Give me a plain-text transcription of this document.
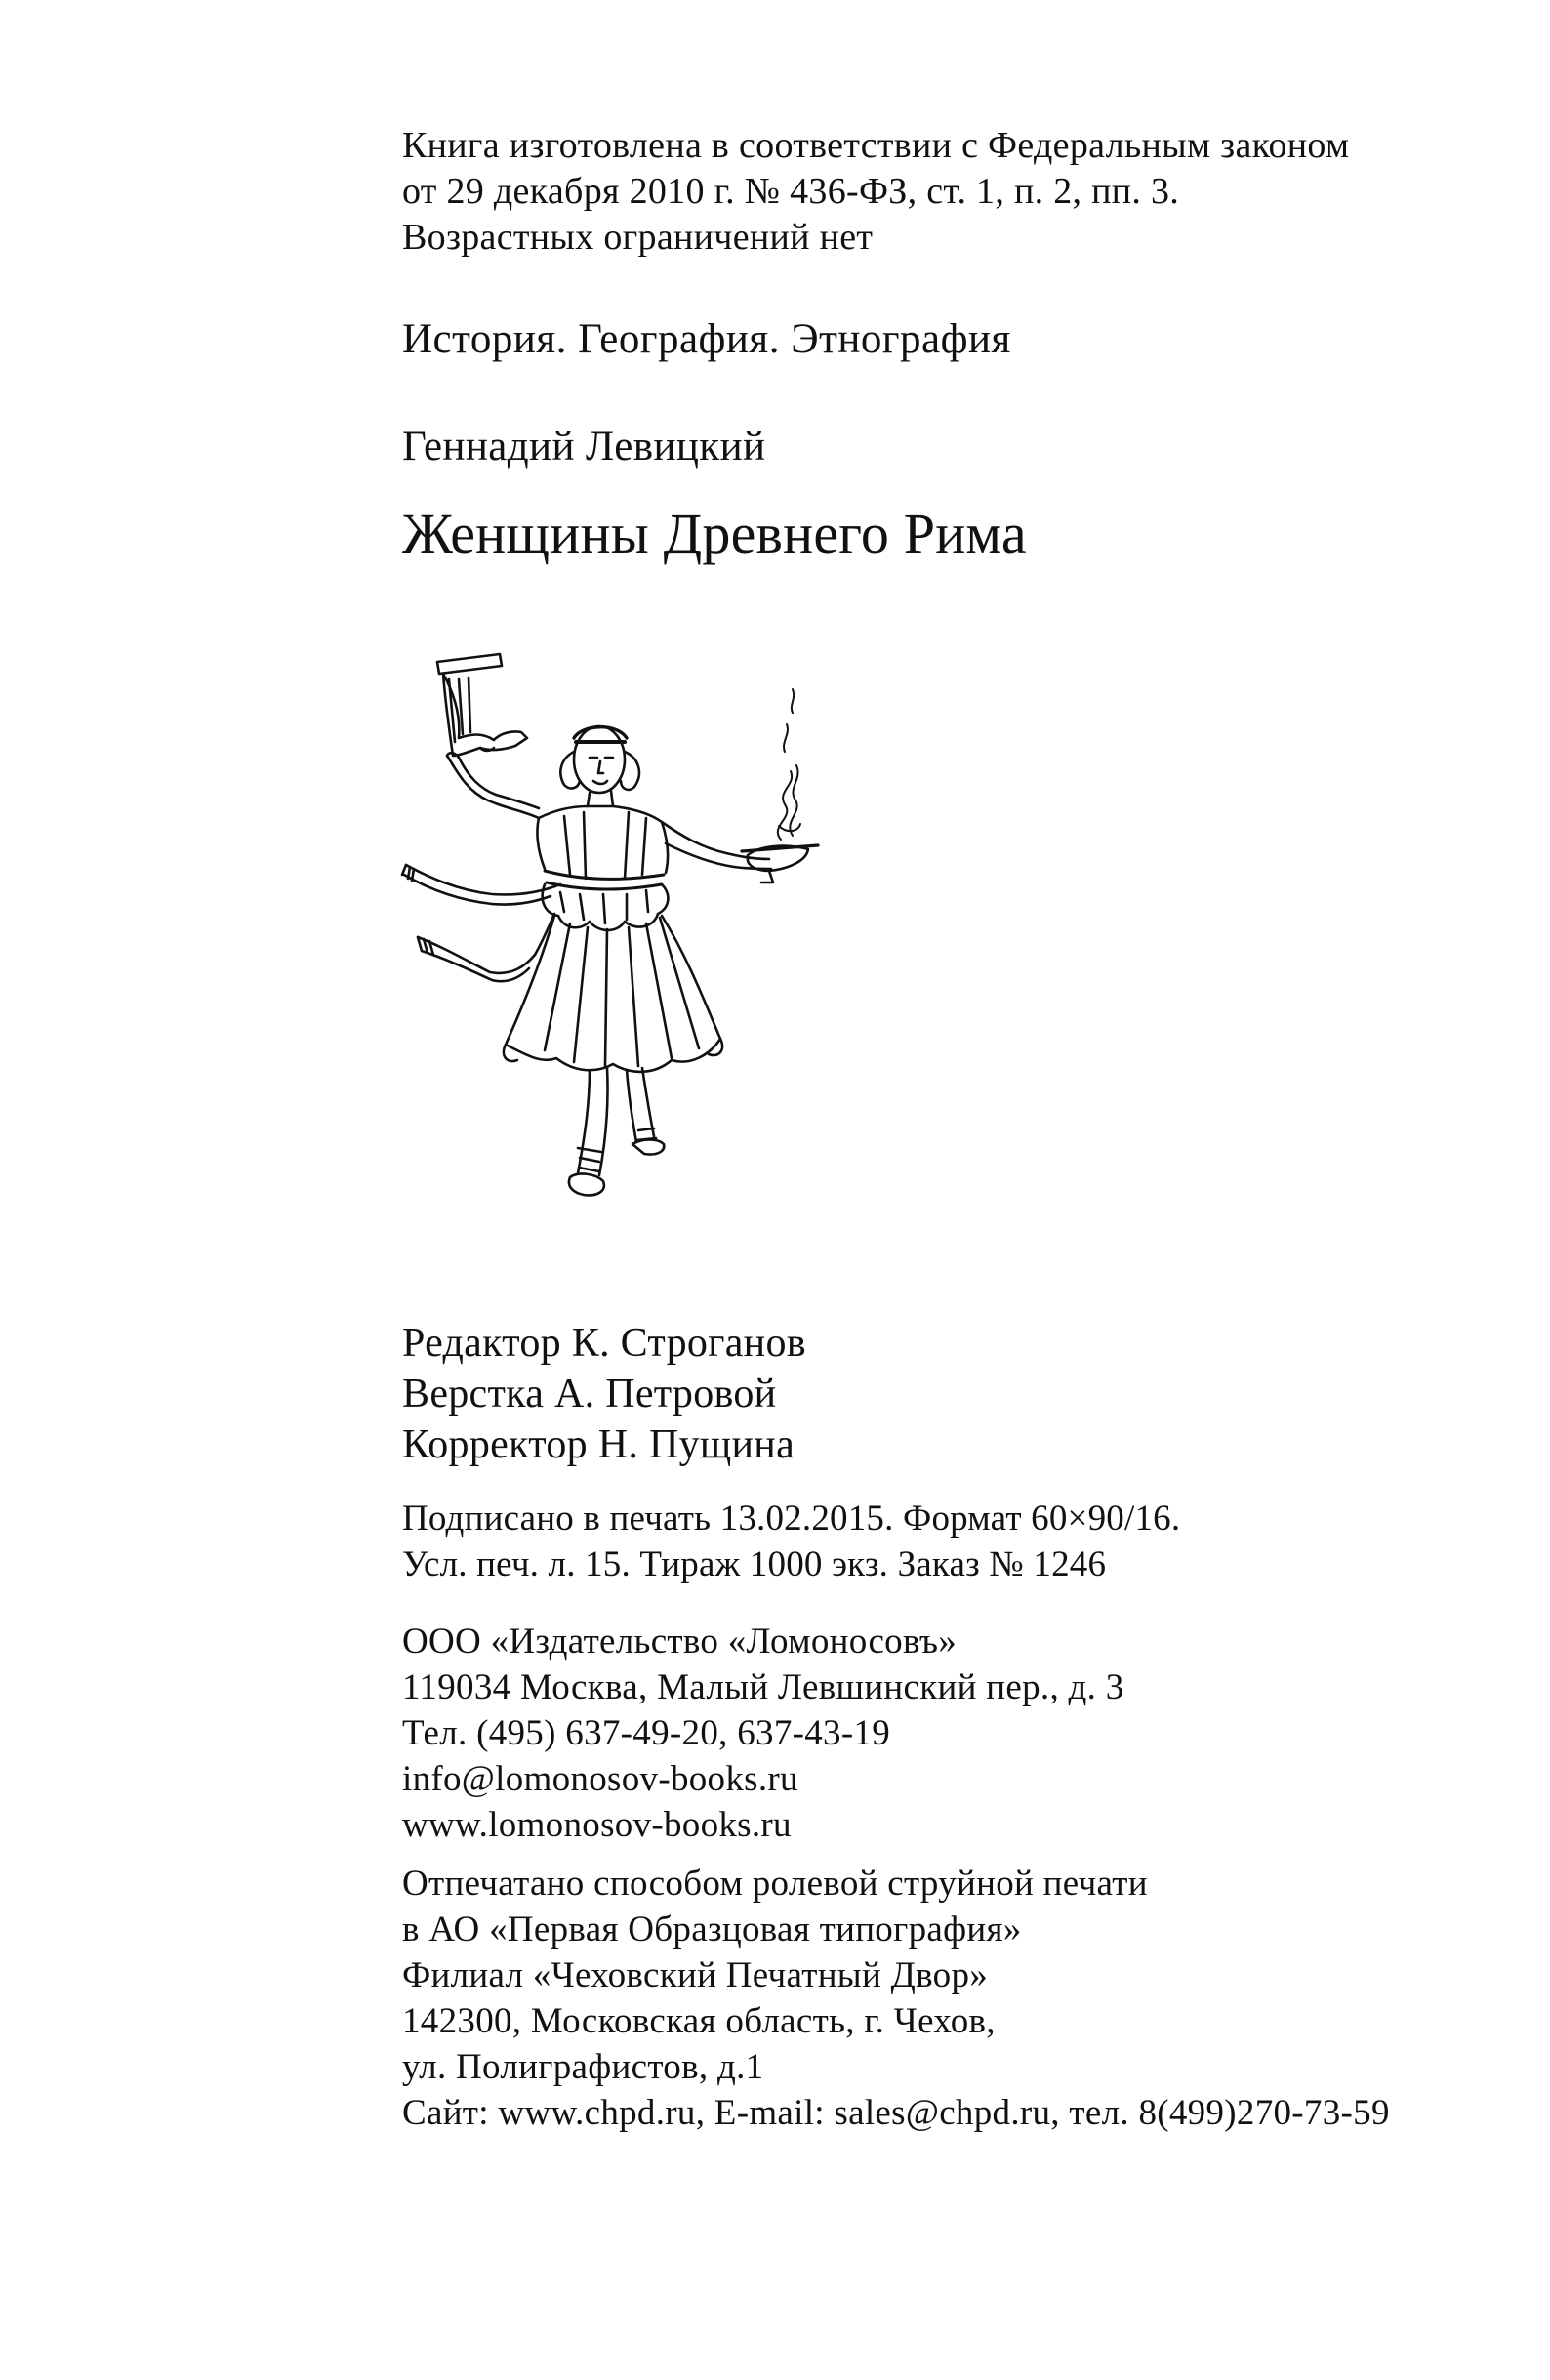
Книга изготовлена в соответствии с Федеральным законом
от 29 декабря 2010 г. № 436-ФЗ, ст. 1, п. 2, пп. 3.
Возрастных ограничений нет
История. География. Этнография
Геннадий Левицкий
Женщины Древнего Рима
Редактор К. Строганов
Верстка А. Петровой
Корректор Н. Пущина
Подписано в печать 13.02.2015. Формат 60×90/16.
Усл. печ. л. 15. Тираж 1000 экз. Заказ № 1246
ООО «Издательство «Ломоносовъ»
119034 Москва, Малый Левшинский пер., д. 3
Тел. (495) 637-49-20, 637-43-19
info@lomonosov-books.ru
www.lomonosov-books.ru
Отпечатано способом ролевой струйной печати
в АО «Первая Образцовая типография»
Филиал «Чеховский Печатный Двор»
142300, Московская область, г. Чехов,
ул. Полиграфистов, д.1
Сайт: www.chpd.ru, E-mail: sales@chpd.ru, тел. 8(499)270-73-59
